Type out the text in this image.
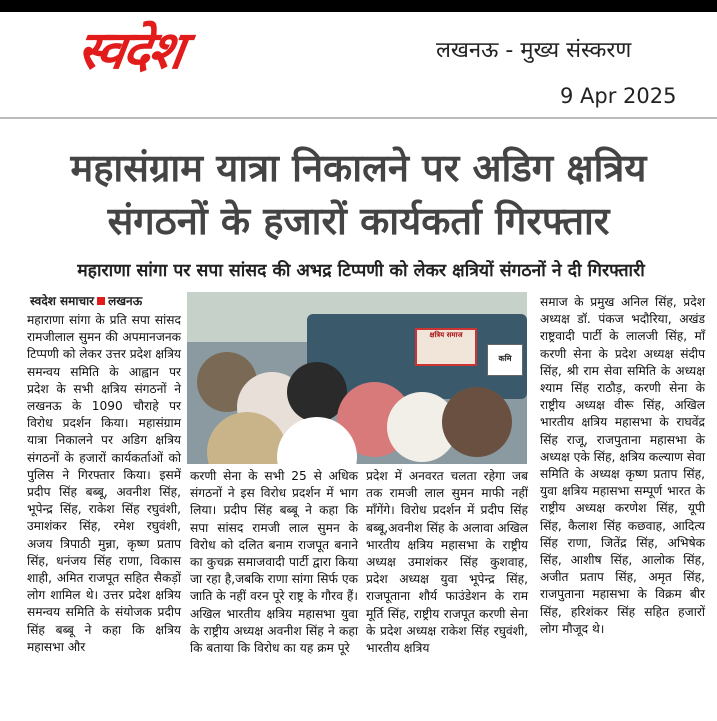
स्वदेश	लखनऊ - मुख्य संस्करण
9 Apr 2025
महासंग्राम यात्रा निकालने पर अडिग क्षत्रिय
संगठनों के हजारों कार्यकर्ता गिरफ्तार
महाराणा सांगा पर सपा सांसद की अभद्र टिप्पणी को लेकर क्षत्रियों संगठनों ने दी गिरफ्तारी
स्वदेश समाचार लखनऊ
महाराणा सांगा के प्रति सपा सांसद रामजीलाल सुमन की अपमानजनक टिप्पणी को लेकर उत्तर प्रदेश क्षत्रिय समन्वय समिति के आह्वान पर प्रदेश के सभी क्षत्रिय संगठनों ने लखनऊ के 1090 चौराहे पर विरोध प्रदर्शन किया। महासंग्राम यात्रा निकालने पर अडिग क्षत्रिय संगठनों के हजारों कार्यकर्ताओं को पुलिस ने गिरफ्तार किया। इसमें प्रदीप सिंह बब्बू, अवनीश सिंह, भूपेन्द्र सिंह, राकेश सिंह रघुवंशी, उमाशंकर सिंह, रमेश रघुवंशी, अजय त्रिपाठी मुन्ना, कृष्ण प्रताप सिंह, धनंजय सिंह राणा, विकास शाही, अमित राजपूत सहित सैकड़ों लोग शामिल थे। उत्तर प्रदेश क्षत्रिय समन्वय समिति के संयोजक प्रदीप सिंह बब्बू ने कहा कि क्षत्रिय महासभा और
क्षत्रिय समाज
कमि
करणी सेना के सभी 25 से अधिक संगठनों ने इस विरोध प्रदर्शन में भाग लिया। प्रदीप सिंह बब्बू ने कहा कि सपा सांसद रामजी लाल सुमन के विरोध को दलित बनाम राजपूत बनाने का कुचक्र समाजवादी पार्टी द्वारा किया जा रहा है,जबकि राणा सांगा सिर्फ एक जाति के नहीं वरन पूरे राष्ट्र के गौरव हैं। अखिल भारतीय क्षत्रिय महासभा युवा के राष्ट्रीय अध्यक्ष अवनीश सिंह ने कहा कि बताया कि विरोध का यह क्रम पूरे
प्रदेश में अनवरत चलता रहेगा जब तक रामजी लाल सुमन माफी नहीं माँगेंगे। विरोध प्रदर्शन में प्रदीप सिंह बब्बू,अवनीश सिंह के अलावा अखिल भारतीय क्षत्रिय महासभा के राष्ट्रीय अध्यक्ष उमाशंकर सिंह कुशवाह, प्रदेश अध्यक्ष युवा भूपेन्द्र सिंह, राजपूताना शौर्य फाउंडेशन के राम मूर्ति सिंह, राष्ट्रीय राजपूत करणी सेना के प्रदेश अध्यक्ष राकेश सिंह रघुवंशी, भारतीय क्षत्रिय
समाज के प्रमुख अनिल सिंह, प्रदेश अध्यक्ष डॉ. पंकज भदौरिया, अखंड राष्ट्रवादी पार्टी के लालजी सिंह, माँ करणी सेना के प्रदेश अध्यक्ष संदीप सिंह, श्री राम सेवा समिति के अध्यक्ष श्याम सिंह राठौड़, करणी सेना के राष्ट्रीय अध्यक्ष वीरू सिंह, अखिल भारतीय क्षत्रिय महासभा के राघवेंद्र सिंह राजू, राजपुताना महासभा के अध्यक्ष एके सिंह, क्षत्रिय कल्याण सेवा समिति के अध्यक्ष कृष्ण प्रताप सिंह, युवा क्षत्रिय महासभा सम्पूर्ण भारत के राष्ट्रीय अध्यक्ष करणेश सिंह, यूपी सिंह, कैलाश सिंह कछवाह, आदित्य सिंह राणा, जितेंद्र सिंह, अभिषेक सिंह, आशीष सिंह, आलोक सिंह, अजीत प्रताप सिंह, अमृत सिंह, राजपुताना महासभा के विक्रम बीर सिंह, हरिशंकर सिंह सहित हजारों लोग मौजूद थे।
